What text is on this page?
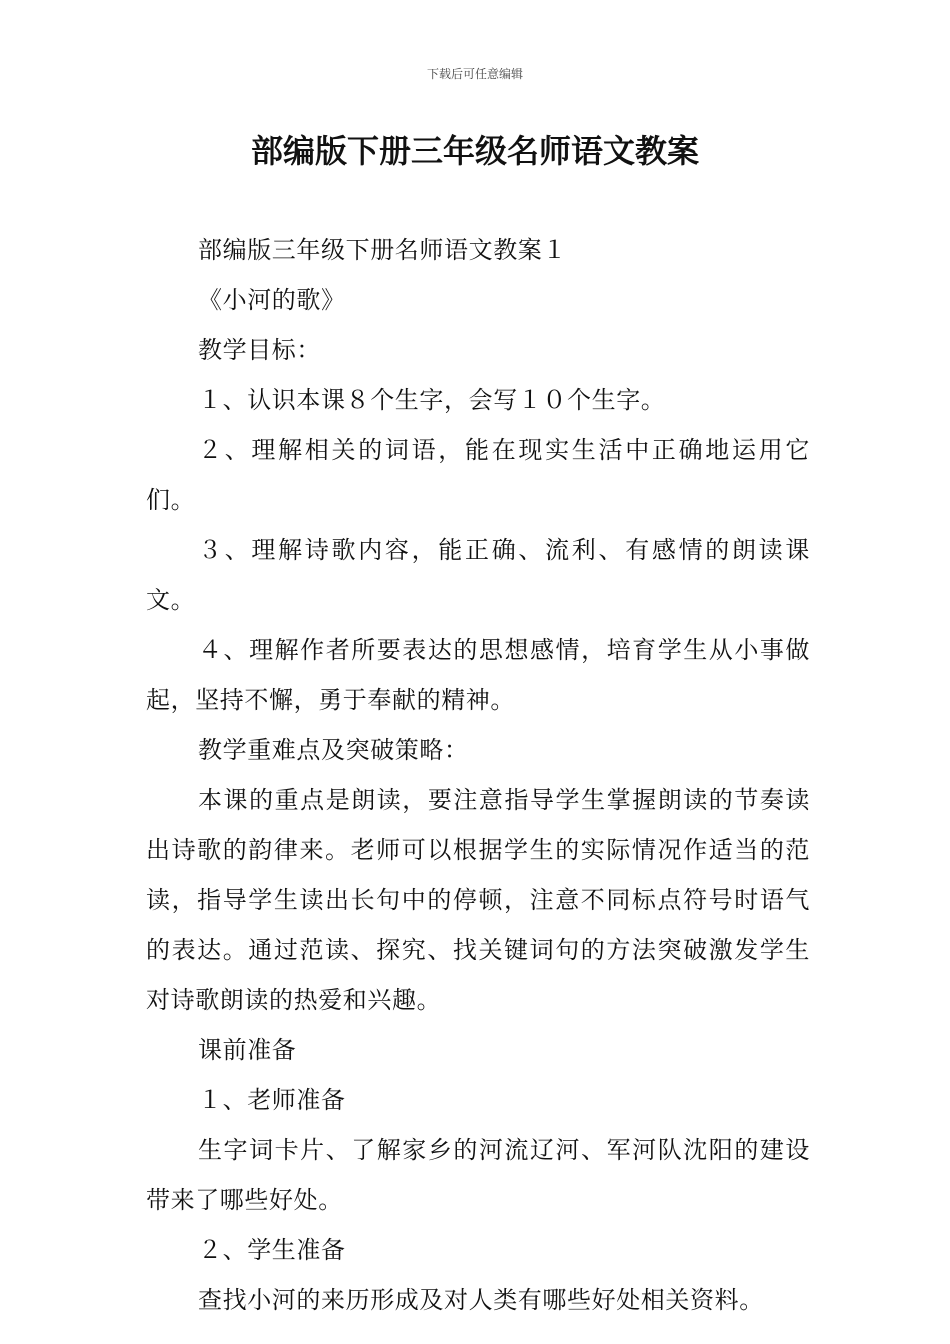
下载后可任意编辑
部编版下册三年级名师语文教案

部编版三年级下册名师语文教案１

《小河的歌》

教学目标：

１、认识本课８个生字，会写１０个生字。

２、理解相关的词语，能在现实生活中正确地运用它们。

３、理解诗歌内容，能正确、流利、有感情的朗读课文。

４、理解作者所要表达的思想感情，培育学生从小事做起，坚持不懈，勇于奉献的精神。

教学重难点及突破策略：

本课的重点是朗读，要注意指导学生掌握朗读的节奏读出诗歌的韵律来。老师可以根据学生的实际情况作适当的范读，指导学生读出长句中的停顿，注意不同标点符号时语气的表达。通过范读、探究、找关键词句的方法突破激发学生对诗歌朗读的热爱和兴趣。

课前准备

１、老师准备

生字词卡片、了解家乡的河流辽河、军河队沈阳的建设带来了哪些好处。

２、学生准备

查找小河的来历形成及对人类有哪些好处相关资料。
